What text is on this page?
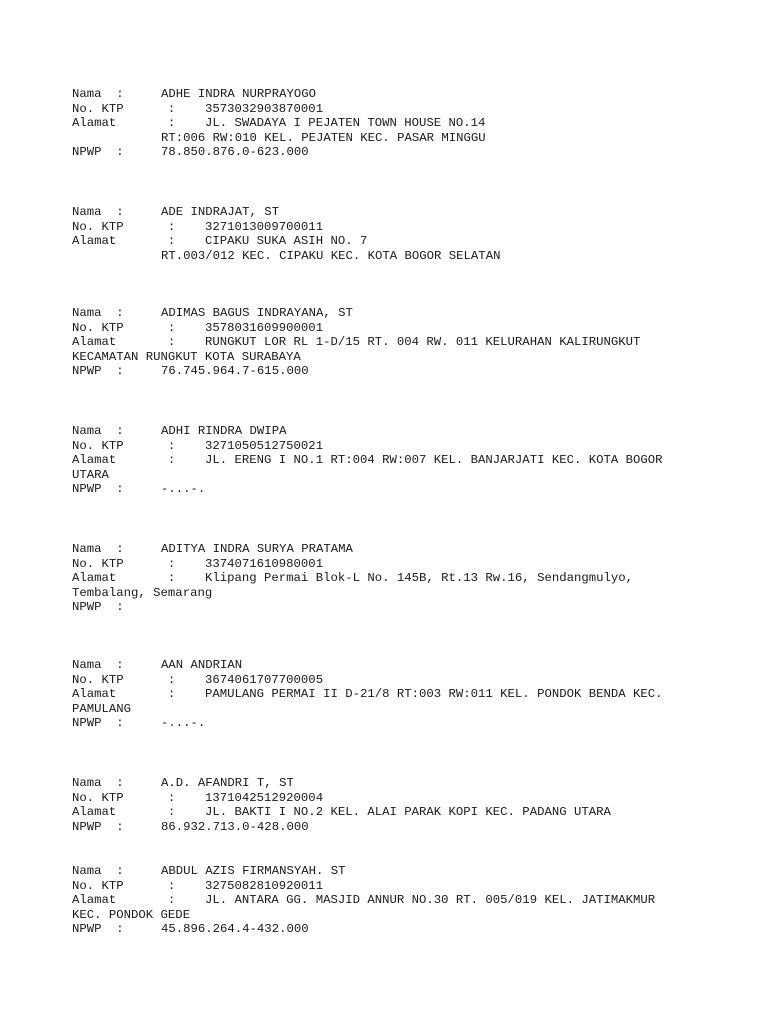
Nama  :	ADHE INDRA NURPRAYOGO
No. KTP      : 3573032903870001
Alamat       : JL. SWADAYA I PEJATEN TOWN HOUSE NO.14
RT:006 RW:010 KEL. PEJATEN KEC. PASAR MINGGU
NPWP  :	78.850.876.0-623.000
Nama  :	ADE INDRAJAT, ST
No. KTP      : 3271013009700011
Alamat       : CIPAKU SUKA ASIH NO. 7
RT.003/012 KEC. CIPAKU KEC. KOTA BOGOR SELATAN
Nama  :	ADIMAS BAGUS INDRAYANA, ST
No. KTP      : 3578031609900001
Alamat       : RUNGKUT LOR RL 1-D/15 RT. 004 RW. 011 KELURAHAN KALIRUNGKUT
KECAMATAN RUNGKUT KOTA SURABAYA
NPWP  :	76.745.964.7-615.000
Nama  :	ADHI RINDRA DWIPA
No. KTP      : 3271050512750021
Alamat       : JL. ERENG I NO.1 RT:004 RW:007 KEL. BANJARJATI KEC. KOTA BOGOR
UTARA
NPWP  :	-...-.
Nama  :	ADITYA INDRA SURYA PRATAMA
No. KTP      : 3374071610980001
Alamat       : Klipang Permai Blok-L No. 145B, Rt.13 Rw.16, Sendangmulyo,
Tembalang, Semarang
NPWP  :
Nama  :	AAN ANDRIAN
No. KTP      : 3674061707700005
Alamat       : PAMULANG PERMAI II D-21/8 RT:003 RW:011 KEL. PONDOK BENDA KEC.
PAMULANG
NPWP  :	-...-.
Nama  :	A.D. AFANDRI T, ST
No. KTP      : 1371042512920004
Alamat       : JL. BAKTI I NO.2 KEL. ALAI PARAK KOPI KEC. PADANG UTARA
NPWP  :	86.932.713.0-428.000
Nama  :	ABDUL AZIS FIRMANSYAH. ST
No. KTP      : 3275082810920011
Alamat       : JL. ANTARA GG. MASJID ANNUR NO.30 RT. 005/019 KEL. JATIMAKMUR
KEC. PONDOK GEDE
NPWP  :	45.896.264.4-432.000
